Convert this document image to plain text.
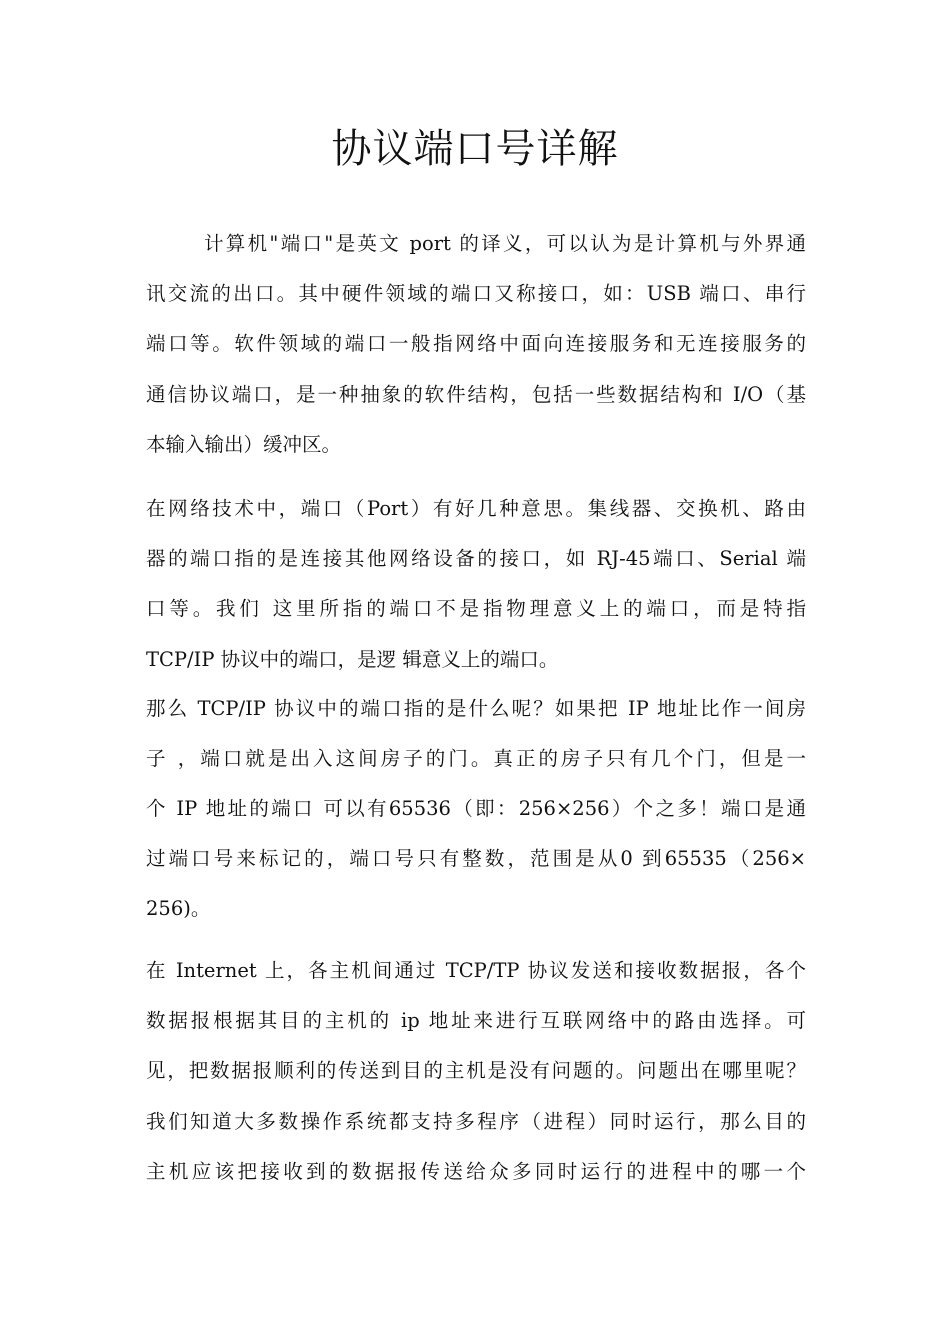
协议端口号详解
计算机"端口"是英文 port 的译义，可以认为是计算机与外界通
讯交流的出口。其中硬件领域的端口又称接口，如：USB 端口、串行
端口等。软件领域的端口一般指网络中面向连接服务和无连接服务的
通信协议端口，是一种抽象的软件结构，包括一些数据结构和 I/O（基
本输入输出）缓冲区。
在网络技术中，端口（Port）有好几种意思。集线器、交换机、路由
器的端口指的是连接其他网络设备的接口，如 RJ-45端口、Serial 端
口等。我们 这里所指的端口不是指物理意义上的端口，而是特指
TCP/IP 协议中的端口，是逻 辑意义上的端口。
那么 TCP/IP 协议中的端口指的是什么呢？如果把 IP 地址比作一间房
子 ，端口就是出入这间房子的门。真正的房子只有几个门，但是一
个 IP 地址的端口 可以有65536（即：256×256）个之多！端口是通
过端口号来标记的，端口号只有整数，范围是从0 到65535（256×
256)。
在 Internet 上，各主机间通过 TCP/TP 协议发送和接收数据报，各个
数据报根据其目的主机的 ip 地址来进行互联网络中的路由选择。可
见，把数据报顺利的传送到目的主机是没有问题的。问题出在哪里呢？
我们知道大多数操作系统都支持多程序（进程）同时运行，那么目的
主机应该把接收到的数据报传送给众多同时运行的进程中的哪一个
